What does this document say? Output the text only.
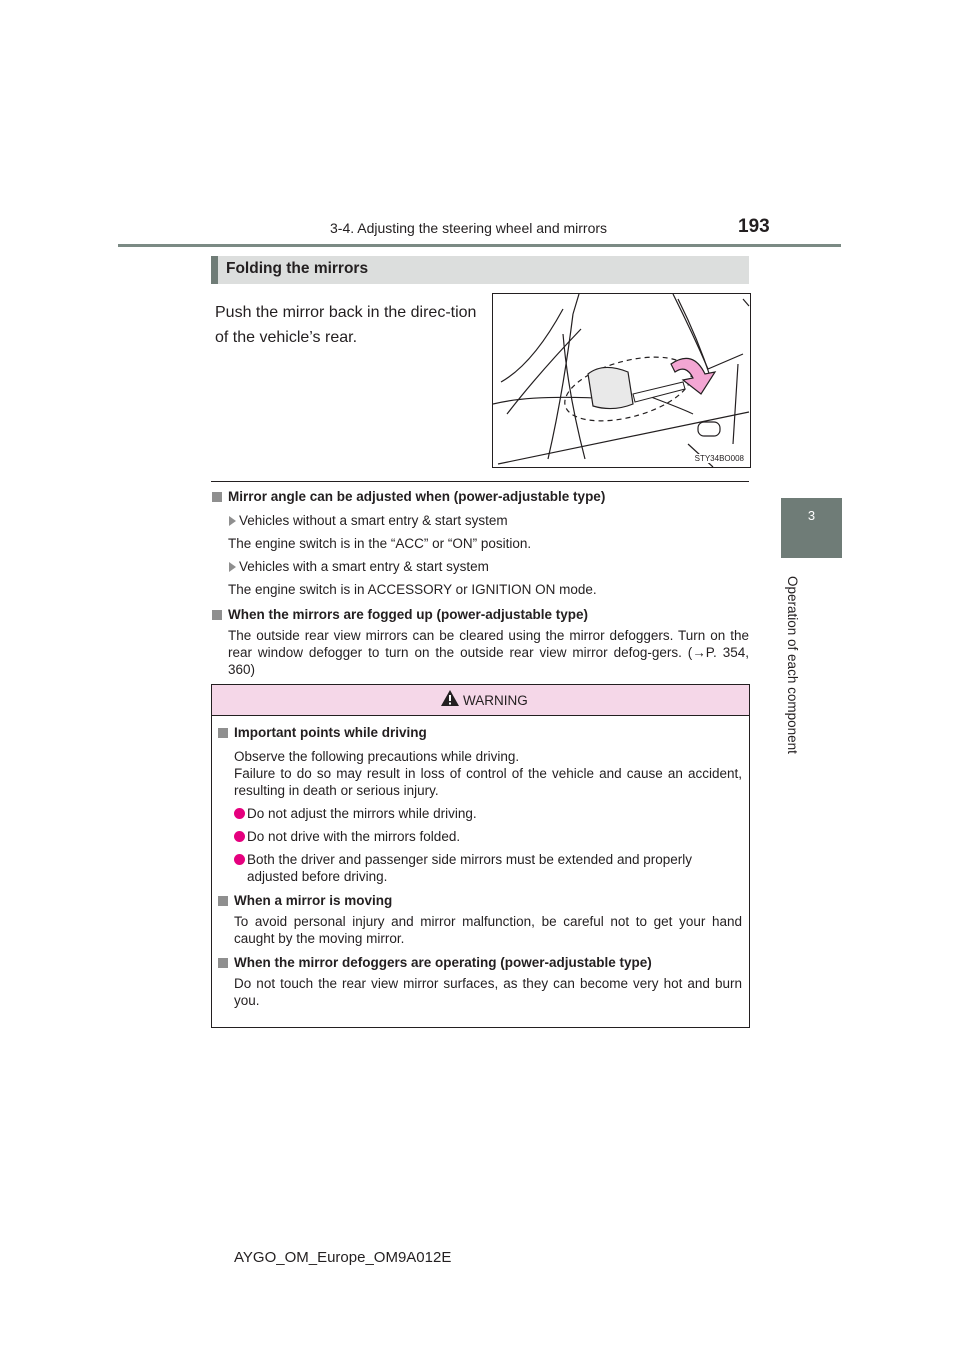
3-4. Adjusting the steering wheel and mirrors	193
3
Operation of each component
Folding the mirrors
Push the mirror back in the direc-tion of the vehicle’s rear.
STY34BO008

Mirror angle can be adjusted when (power-adjustable type)

Vehicles without a smart entry & start system
The engine switch is in the “ACC” or “ON” position.
Vehicles with a smart entry & start system
The engine switch is in ACCESSORY or IGNITION ON mode.

When the mirrors are fogged up (power-adjustable type)

The outside rear view mirrors can be cleared using the mirror defoggers. Turn on the rear window defogger to turn on the outside rear view mirror defog-gers. (→P. 354, 360)
WARNING

Important points while driving

Observe the following precautions while driving.
Failure to do so may result in loss of control of the vehicle and cause an accident, resulting in death or serious injury.
Do not adjust the mirrors while driving.
Do not drive with the mirrors folded.
Both the driver and passenger side mirrors must be extended and properly adjusted before driving.

When a mirror is moving

To avoid personal injury and mirror malfunction, be careful not to get your hand caught by the moving mirror.

When the mirror defoggers are operating (power-adjustable type)

Do not touch the rear view mirror surfaces, as they can become very hot and burn you.
AYGO_OM_Europe_OM9A012E
